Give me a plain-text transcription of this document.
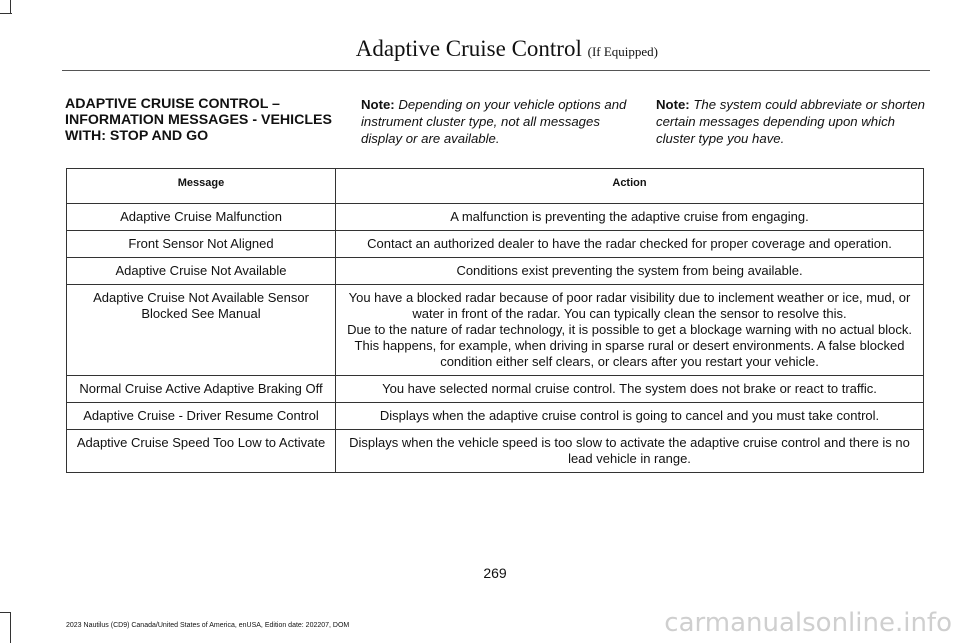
Adaptive Cruise Control (If Equipped)
ADAPTIVE CRUISE CONTROL – INFORMATION MESSAGES - VEHICLES WITH: STOP AND GO
Note: Depending on your vehicle options and instrument cluster type, not all messages display or are available.
Note: The system could abbreviate or shorten certain messages depending upon which cluster type you have.
Message	Action
Adaptive Cruise Malfunction	A malfunction is preventing the adaptive cruise from engaging.

Front Sensor Not Aligned	Contact an authorized dealer to have the radar checked for proper coverage and operation.

Adaptive Cruise Not Available	Conditions exist preventing the system from being available.

Adaptive Cruise Not Available Sensor Blocked See Manual	You have a blocked radar because of poor radar visibility due to inclement weather or ice, mud, or water in front of the radar. You can typically clean the sensor to resolve this.
Due to the nature of radar technology, it is possible to get a blockage warning with no actual block. This happens, for example, when driving in sparse rural or desert environments. A false blocked condition either self clears, or clears after you restart your vehicle.

Normal Cruise Active Adaptive Braking Off	You have selected normal cruise control. The system does not brake or react to traffic.

Adaptive Cruise - Driver Resume Control	Displays when the adaptive cruise control is going to cancel and you must take control.

Adaptive Cruise Speed Too Low to Activate	Displays when the vehicle speed is too slow to activate the adaptive cruise control and there is no lead vehicle in range.
269
2023 Nautilus (CD9) Canada/United States of America, enUSA, Edition date: 202207, DOM	carmanualsonline.info
